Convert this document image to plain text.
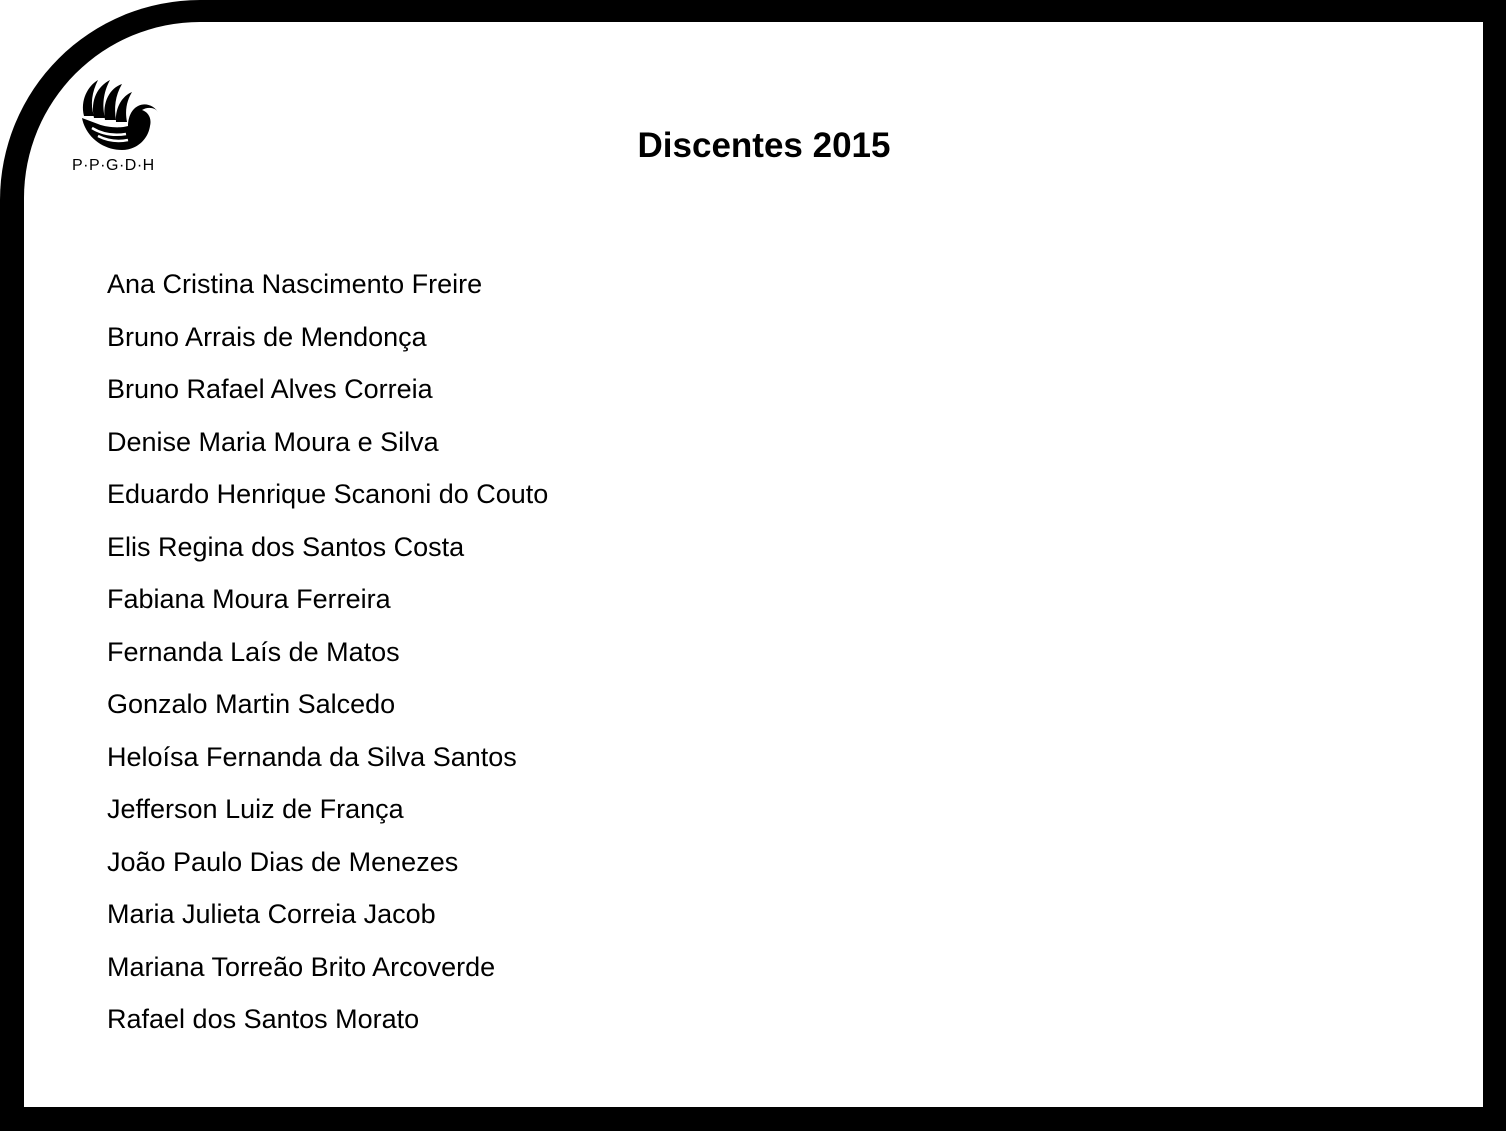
P·P·G·D·H
Discentes 2015
Ana Cristina Nascimento Freire
Bruno Arrais de Mendonça
Bruno Rafael Alves Correia
Denise Maria Moura e Silva
Eduardo Henrique Scanoni do Couto
Elis Regina dos Santos Costa
Fabiana Moura Ferreira
Fernanda Laís de Matos
Gonzalo Martin Salcedo
Heloísa Fernanda da Silva Santos
Jefferson Luiz de França
João Paulo Dias de Menezes
Maria Julieta Correia Jacob
Mariana Torreão Brito Arcoverde
Rafael dos Santos Morato
